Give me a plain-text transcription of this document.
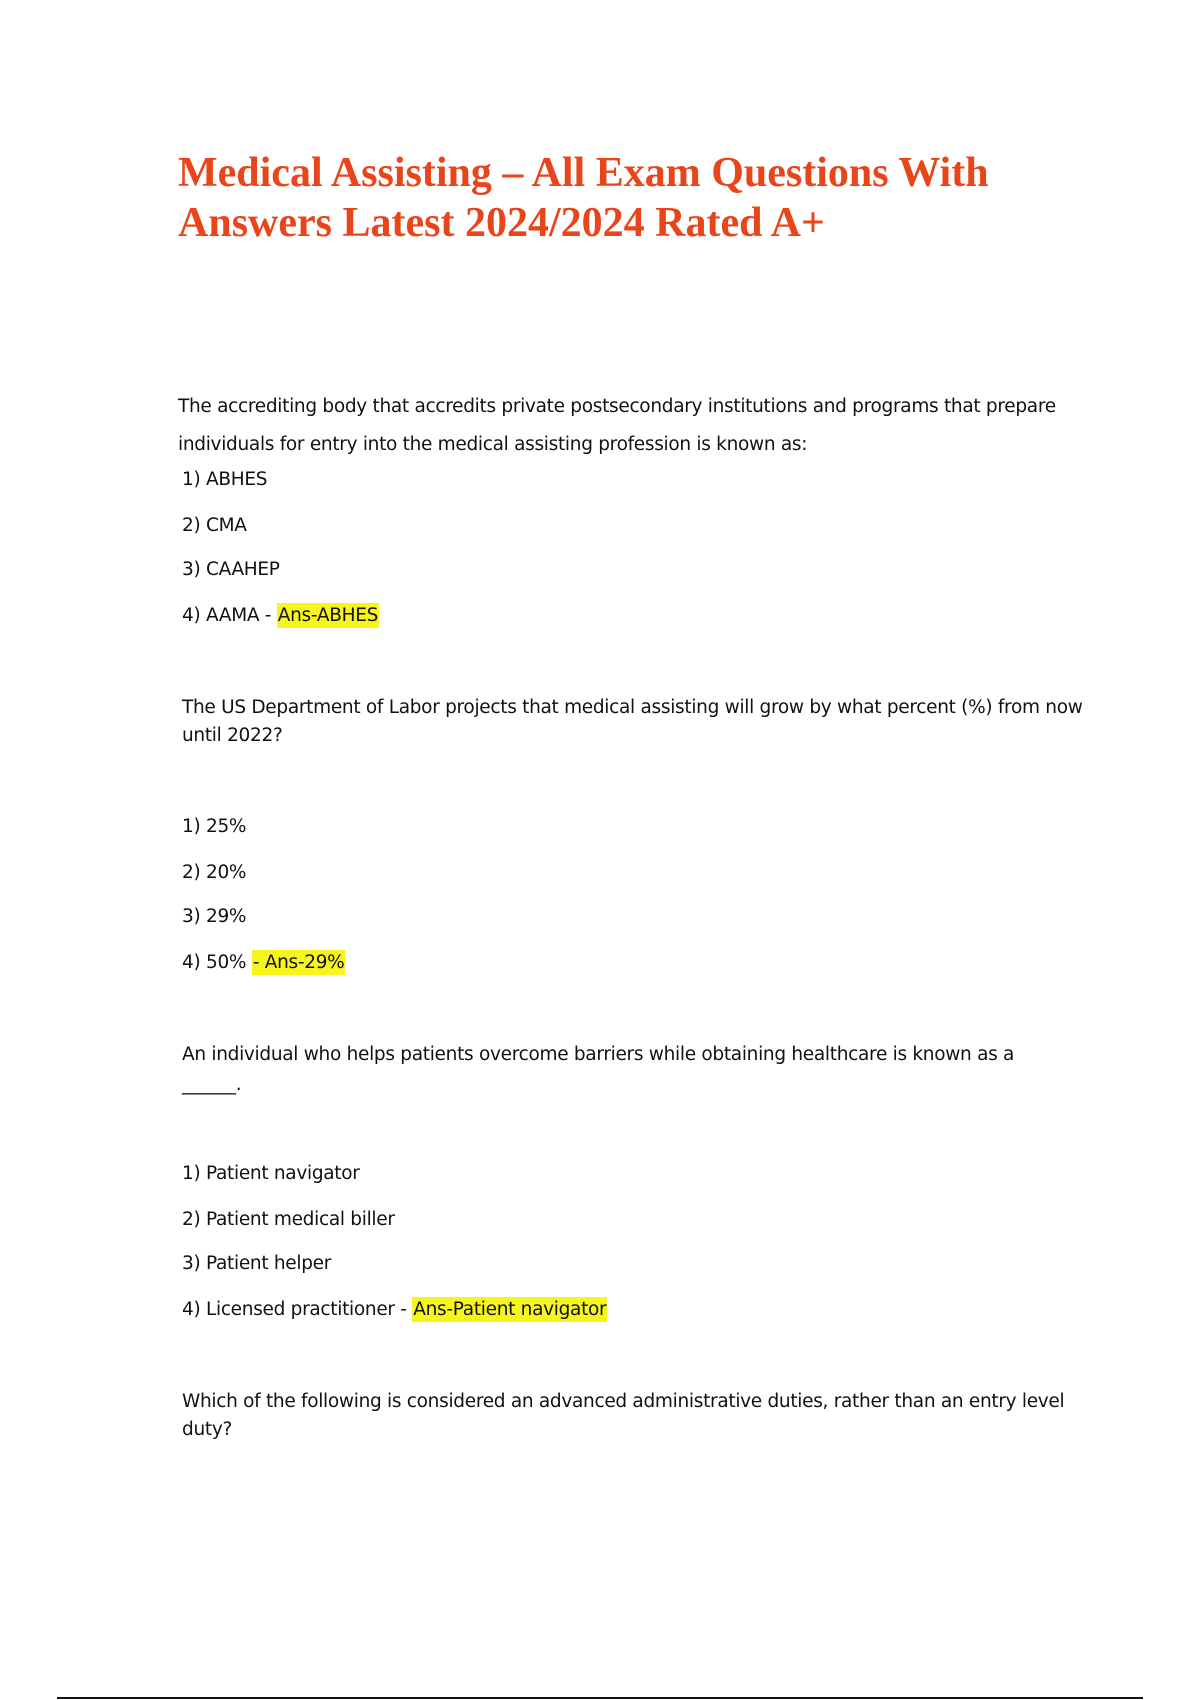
Medical Assisting – All Exam Questions With
Answers Latest 2024/2024 Rated A+

The accrediting body that accredits private postsecondary institutions and programs that prepare

individuals for entry into the medical assisting profession is known as:

1) ABHES

2) CMA

3) CAAHEP

4) AAMA - Ans-ABHES

The US Department of Labor projects that medical assisting will grow by what percent (%) from now

until 2022?

1) 25%

2) 20%

3) 29%

4) 50% - Ans-29%

An individual who helps patients overcome barriers while obtaining healthcare is known as a

______.

1) Patient navigator

2) Patient medical biller

3) Patient helper

4) Licensed practitioner - Ans-Patient navigator

Which of the following is considered an advanced administrative duties, rather than an entry level

duty?
